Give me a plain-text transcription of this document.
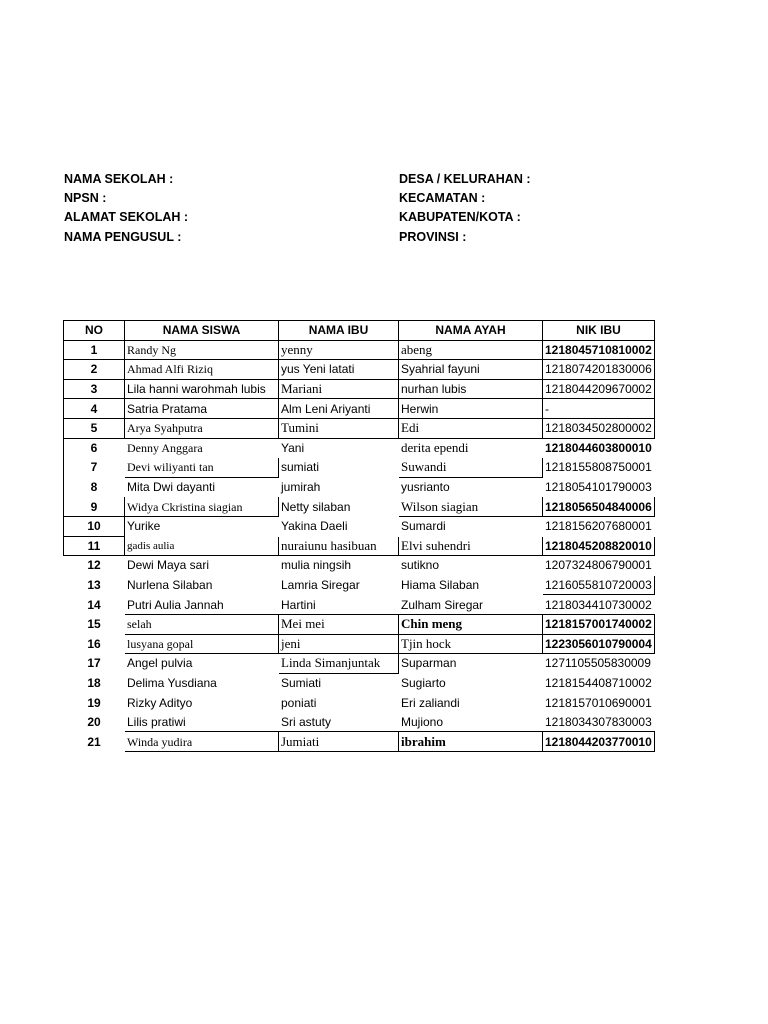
NAMA SEKOLAH :
NPSN :
ALAMAT SEKOLAH :
NAMA PENGUSUL :
DESA / KELURAHAN :
KECAMATAN :
KABUPATEN/KOTA :
PROVINSI :
NO	NAMA SISWA	NAMA IBU	NAMA AYAH	NIK IBU
1	Randy Ng	yenny	abeng	1218045710810002
2	Ahmad Alfi Riziq	yus Yeni latati	Syahrial fayuni	1218074201830006
3	Lila hanni warohmah lubis	Mariani	nurhan lubis	1218044209670002
4	Satria Pratama	Alm Leni Ariyanti	Herwin	-
5	Arya Syahputra	Tumini	Edi	1218034502800002
6	Denny Anggara	Yani	derita ependi	1218044603800010
7	Devi wiliyanti tan	sumiati	Suwandi	1218155808750001
8	Mita Dwi dayanti	jumirah	yusrianto	1218054101790003
9	Widya Ckristina siagian	Netty silaban	Wilson siagian	1218056504840006
10	Yurike	Yakina Daeli	Sumardi	1218156207680001
11	gadis aulia	nuraiunu hasibuan	Elvi suhendri	1218045208820010
12	Dewi Maya sari	mulia ningsih	sutikno	1207324806790001
13	Nurlena Silaban	Lamria Siregar	Hiama Silaban	1216055810720003
14	Putri Aulia Jannah	Hartini	Zulham Siregar	1218034410730002
15	selah	Mei mei	Chin meng	1218157001740002
16	lusyana gopal	jeni	Tjin hock	1223056010790004
17	Angel pulvia	Linda Simanjuntak	Suparman	1271105505830009
18	Delima Yusdiana	Sumiati	Sugiarto	1218154408710002
19	Rizky Adityo	poniati	Eri zaliandi	1218157010690001
20	Lilis pratiwi	Sri astuty	Mujiono	1218034307830003
21	Winda yudira	Jumiati	ibrahim	1218044203770010
